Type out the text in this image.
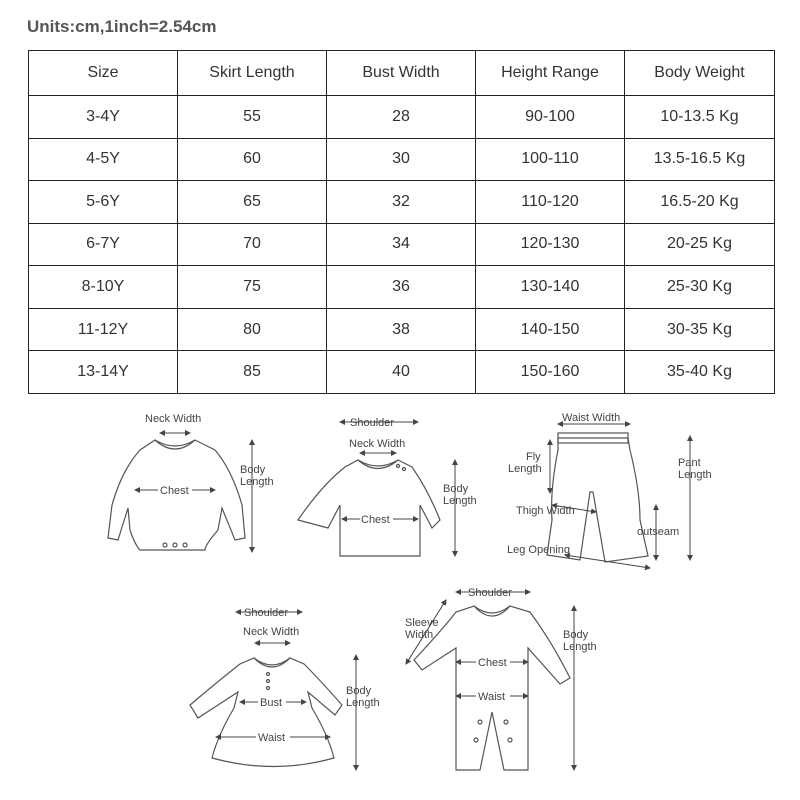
Units:cm,1inch=2.54cm
Size	Skirt Length	Bust Width	Height Range	Body Weight
3-4Y	55	28	90-100	10-13.5 Kg
4-5Y	60	30	100-110	13.5-16.5 Kg
5-6Y	65	32	110-120	16.5-20 Kg
6-7Y	70	34	120-130	20-25 Kg
8-10Y	75	36	130-140	25-30 Kg
11-12Y	80	38	140-150	30-35 Kg
13-14Y	85	40	150-160	35-40 Kg
Neck Width
Chest
Body
Length
Shoulder
Neck Width
Chest
Body
Length
Waist Width
Fly
Length	Pant
Length
Thigh Width
outseam
Leg Opening
Shoulder
Neck Width
Bust
Waist
Body
Length
Shoulder
Sleeve
Width
Chest
Waist
Body
Length
